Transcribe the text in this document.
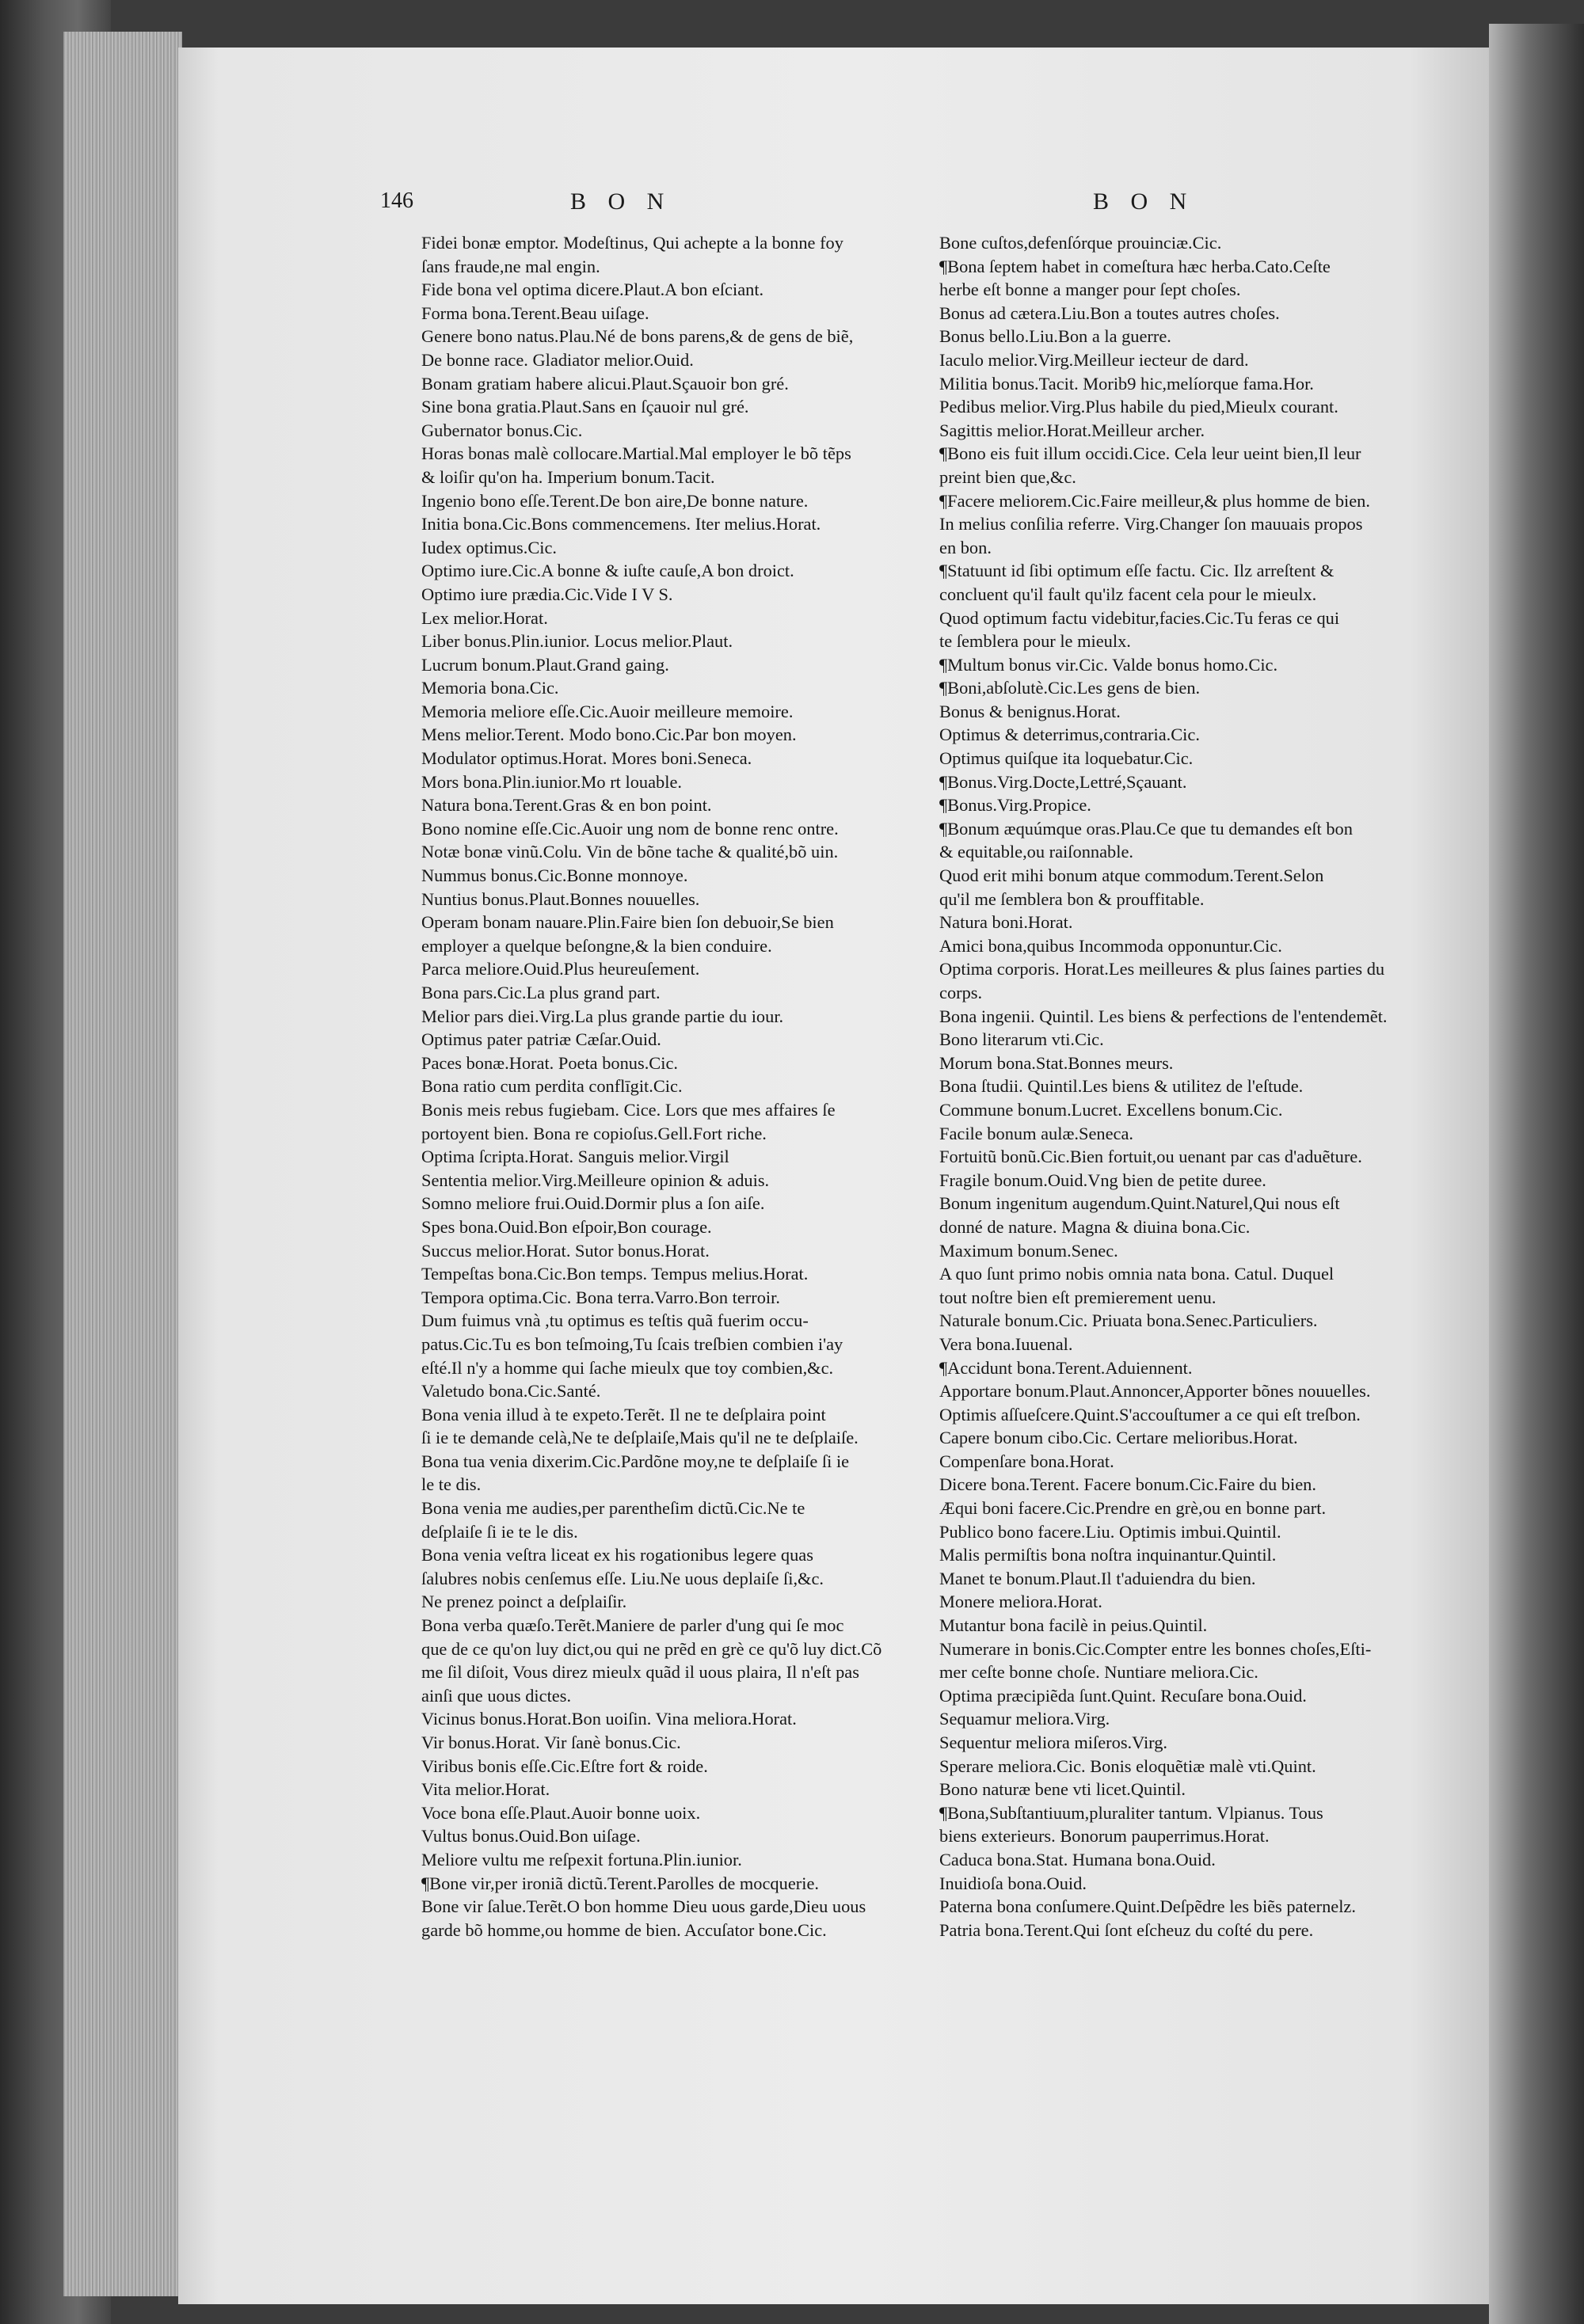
146	B O N	B O N
Fidei bonæ emptor. Modeſtinus, Qui achepte a la bonne foy
ſans fraude,ne mal engin.
Fide bona vel optima dicere.Plaut.A bon eſciant.
Forma bona.Terent.Beau uiſage.
Genere bono natus.Plau.Né de bons parens,& de gens de biẽ,
De bonne race. Gladiator melior.Ouid.
Bonam gratiam habere alicui.Plaut.Sçauoir bon gré.
Sine bona gratia.Plaut.Sans en ſçauoir nul gré.
Gubernator bonus.Cic.
Horas bonas malè collocare.Martial.Mal employer le bõ tẽps
& loiſir qu'on ha. Imperium bonum.Tacit.
Ingenio bono eſſe.Terent.De bon aire,De bonne nature.
Initia bona.Cic.Bons commencemens. Iter melius.Horat.
Iudex optimus.Cic.
Optimo iure.Cic.A bonne & iuſte cauſe,A bon droict.
Optimo iure prædia.Cic.Vide I V S.
Lex melior.Horat.
Liber bonus.Plin.iunior. Locus melior.Plaut.
Lucrum bonum.Plaut.Grand gaing.
Memoria bona.Cic.
Memoria meliore eſſe.Cic.Auoir meilleure memoire.
Mens melior.Terent. Modo bono.Cic.Par bon moyen.
Modulator optimus.Horat. Mores boni.Seneca.
Mors bona.Plin.iunior.Mo rt louable.
Natura bona.Terent.Gras & en bon point.
Bono nomine eſſe.Cic.Auoir ung nom de bonne renc ontre.
Notæ bonæ vinũ.Colu. Vin de bõne tache & qualité,bõ uin.
Nummus bonus.Cic.Bonne monnoye.
Nuntius bonus.Plaut.Bonnes nouuelles.
Operam bonam nauare.Plin.Faire bien ſon debuoir,Se bien
employer a quelque beſongne,& la bien conduire.
Parca meliore.Ouid.Plus heureuſement.
Bona pars.Cic.La plus grand part.
Melior pars diei.Virg.La plus grande partie du iour.
Optimus pater patriæ Cæſar.Ouid.
Paces bonæ.Horat. Poeta bonus.Cic.
Bona ratio cum perdita conflīgit.Cic.
Bonis meis rebus fugiebam. Cice. Lors que mes affaires ſe
portoyent bien. Bona re copioſus.Gell.Fort riche.
Optima ſcripta.Horat. Sanguis melior.Virgil
Sententia melior.Virg.Meilleure opinion & aduis.
Somno meliore frui.Ouid.Dormir plus a ſon aiſe.
Spes bona.Ouid.Bon eſpoir,Bon courage.
Succus melior.Horat. Sutor bonus.Horat.
Tempeſtas bona.Cic.Bon temps. Tempus melius.Horat.
Tempora optima.Cic. Bona terra.Varro.Bon terroir.
Dum fuimus vnà ,tu optimus es teſtis quã fuerim occu-
patus.Cic.Tu es bon teſmoing,Tu ſcais treſbien combien i'ay
eſté.Il n'y a homme qui ſache mieulx que toy combien,&c.
Valetudo bona.Cic.Santé.
Bona venia illud à te expeto.Terẽt. Il ne te deſplaira point
ſi ie te demande celà,Ne te deſplaiſe,Mais qu'il ne te deſplaiſe.
Bona tua venia dixerim.Cic.Pardõne moy,ne te deſplaiſe ſi ie
le te dis.
Bona venia me audies,per parentheſim dictũ.Cic.Ne te
deſplaiſe ſi ie te le dis.
Bona venia veſtra liceat ex his rogationibus legere quas
ſalubres nobis cenſemus eſſe. Liu.Ne uous deplaiſe ſi,&c.
Ne prenez poinct a deſplaiſir.
Bona verba quæſo.Terẽt.Maniere de parler d'ung qui ſe moc
que de ce qu'on luy dict,ou qui ne prẽd en grè ce qu'õ luy dict.Cõ
me ſil diſoit, Vous direz mieulx quãd il uous plaira, Il n'eſt pas
ainſi que uous dictes.
Vicinus bonus.Horat.Bon uoiſin. Vina meliora.Horat.
Vir bonus.Horat. Vir ſanè bonus.Cic.
Viribus bonis eſſe.Cic.Eſtre fort & roide.
Vita melior.Horat.
Voce bona eſſe.Plaut.Auoir bonne uoix.
Vultus bonus.Ouid.Bon uiſage.
Meliore vultu me reſpexit fortuna.Plin.iunior.
¶Bone vir,per ironiã dictũ.Terent.Parolles de mocquerie.
Bone vir ſalue.Terẽt.O bon homme Dieu uous garde,Dieu uous
garde bõ homme,ou homme de bien. Accuſator bone.Cic.
Bone cuſtos,defenſórque prouinciæ.Cic.
¶Bona ſeptem habet in comeſtura hæc herba.Cato.Ceſte
herbe eſt bonne a manger pour ſept choſes.
Bonus ad cætera.Liu.Bon a toutes autres choſes.
Bonus bello.Liu.Bon a la guerre.
Iaculo melior.Virg.Meilleur iecteur de dard.
Militia bonus.Tacit. Morib9 hic,melíorque fama.Hor.
Pedibus melior.Virg.Plus habile du pied,Mieulx courant.
Sagittis melior.Horat.Meilleur archer.
¶Bono eis fuit illum occidi.Cice. Cela leur ueint bien,Il leur
preint bien que,&c.
¶Facere meliorem.Cic.Faire meilleur,& plus homme de bien.
In melius conſilia referre. Virg.Changer ſon mauuais propos
en bon.
¶Statuunt id ſibi optimum eſſe factu. Cic. Ilz arreſtent &
concluent qu'il fault qu'ilz facent cela pour le mieulx.
Quod optimum factu videbitur,facies.Cic.Tu feras ce qui
te ſemblera pour le mieulx.
¶Multum bonus vir.Cic. Valde bonus homo.Cic.
¶Boni,abſolutè.Cic.Les gens de bien.
Bonus & benignus.Horat.
Optimus & deterrimus,contraria.Cic.
Optimus quiſque ita loquebatur.Cic.
¶Bonus.Virg.Docte,Lettré,Sçauant.
¶Bonus.Virg.Propice.
¶Bonum æquúmque oras.Plau.Ce que tu demandes eſt bon
& equitable,ou raiſonnable.
Quod erit mihi bonum atque commodum.Terent.Selon
qu'il me ſemblera bon & prouffitable.
Natura boni.Horat.
Amici bona,quibus Incommoda opponuntur.Cic.
Optima corporis. Horat.Les meilleures & plus ſaines parties du
corps.
Bona ingenii. Quintil. Les biens & perfections de l'entendemẽt.
Bono literarum vti.Cic.
Morum bona.Stat.Bonnes meurs.
Bona ſtudii. Quintil.Les biens & utilitez de l'eſtude.
Commune bonum.Lucret. Excellens bonum.Cic.
Facile bonum aulæ.Seneca.
Fortuitũ bonũ.Cic.Bien fortuit,ou uenant par cas d'aduẽture.
Fragile bonum.Ouid.Vng bien de petite duree.
Bonum ingenitum augendum.Quint.Naturel,Qui nous eſt
donné de nature. Magna & diuina bona.Cic.
Maximum bonum.Senec.
A quo ſunt primo nobis omnia nata bona. Catul. Duquel
tout noſtre bien eſt premierement uenu.
Naturale bonum.Cic. Priuata bona.Senec.Particuliers.
Vera bona.Iuuenal.
¶Accidunt bona.Terent.Aduiennent.
Apportare bonum.Plaut.Annoncer,Apporter bõnes nouuelles.
Optimis aſſueſcere.Quint.S'accouſtumer a ce qui eſt treſbon.
Capere bonum cibo.Cic. Certare melioribus.Horat.
Compenſare bona.Horat.
Dicere bona.Terent. Facere bonum.Cic.Faire du bien.
Æqui boni facere.Cic.Prendre en grè,ou en bonne part.
Publico bono facere.Liu. Optimis imbui.Quintil.
Malis permiſtis bona noſtra inquinantur.Quintil.
Manet te bonum.Plaut.Il t'aduiendra du bien.
Monere meliora.Horat.
Mutantur bona facilè in peius.Quintil.
Numerare in bonis.Cic.Compter entre les bonnes choſes,Eſti-
mer ceſte bonne choſe. Nuntiare meliora.Cic.
Optima præcipiẽda ſunt.Quint. Recuſare bona.Ouid.
Sequamur meliora.Virg.
Sequentur meliora miſeros.Virg.
Sperare meliora.Cic. Bonis eloquẽtiæ malè vti.Quint.
Bono naturæ bene vti licet.Quintil.
¶Bona,Subſtantiuum,pluraliter tantum. Vlpianus. Tous
biens exterieurs. Bonorum pauperrimus.Horat.
Caduca bona.Stat. Humana bona.Ouid.
Inuidioſa bona.Ouid.
Paterna bona conſumere.Quint.Deſpẽdre les biẽs paternelz.
Patria bona.Terent.Qui ſont eſcheuz du coſté du pere.
